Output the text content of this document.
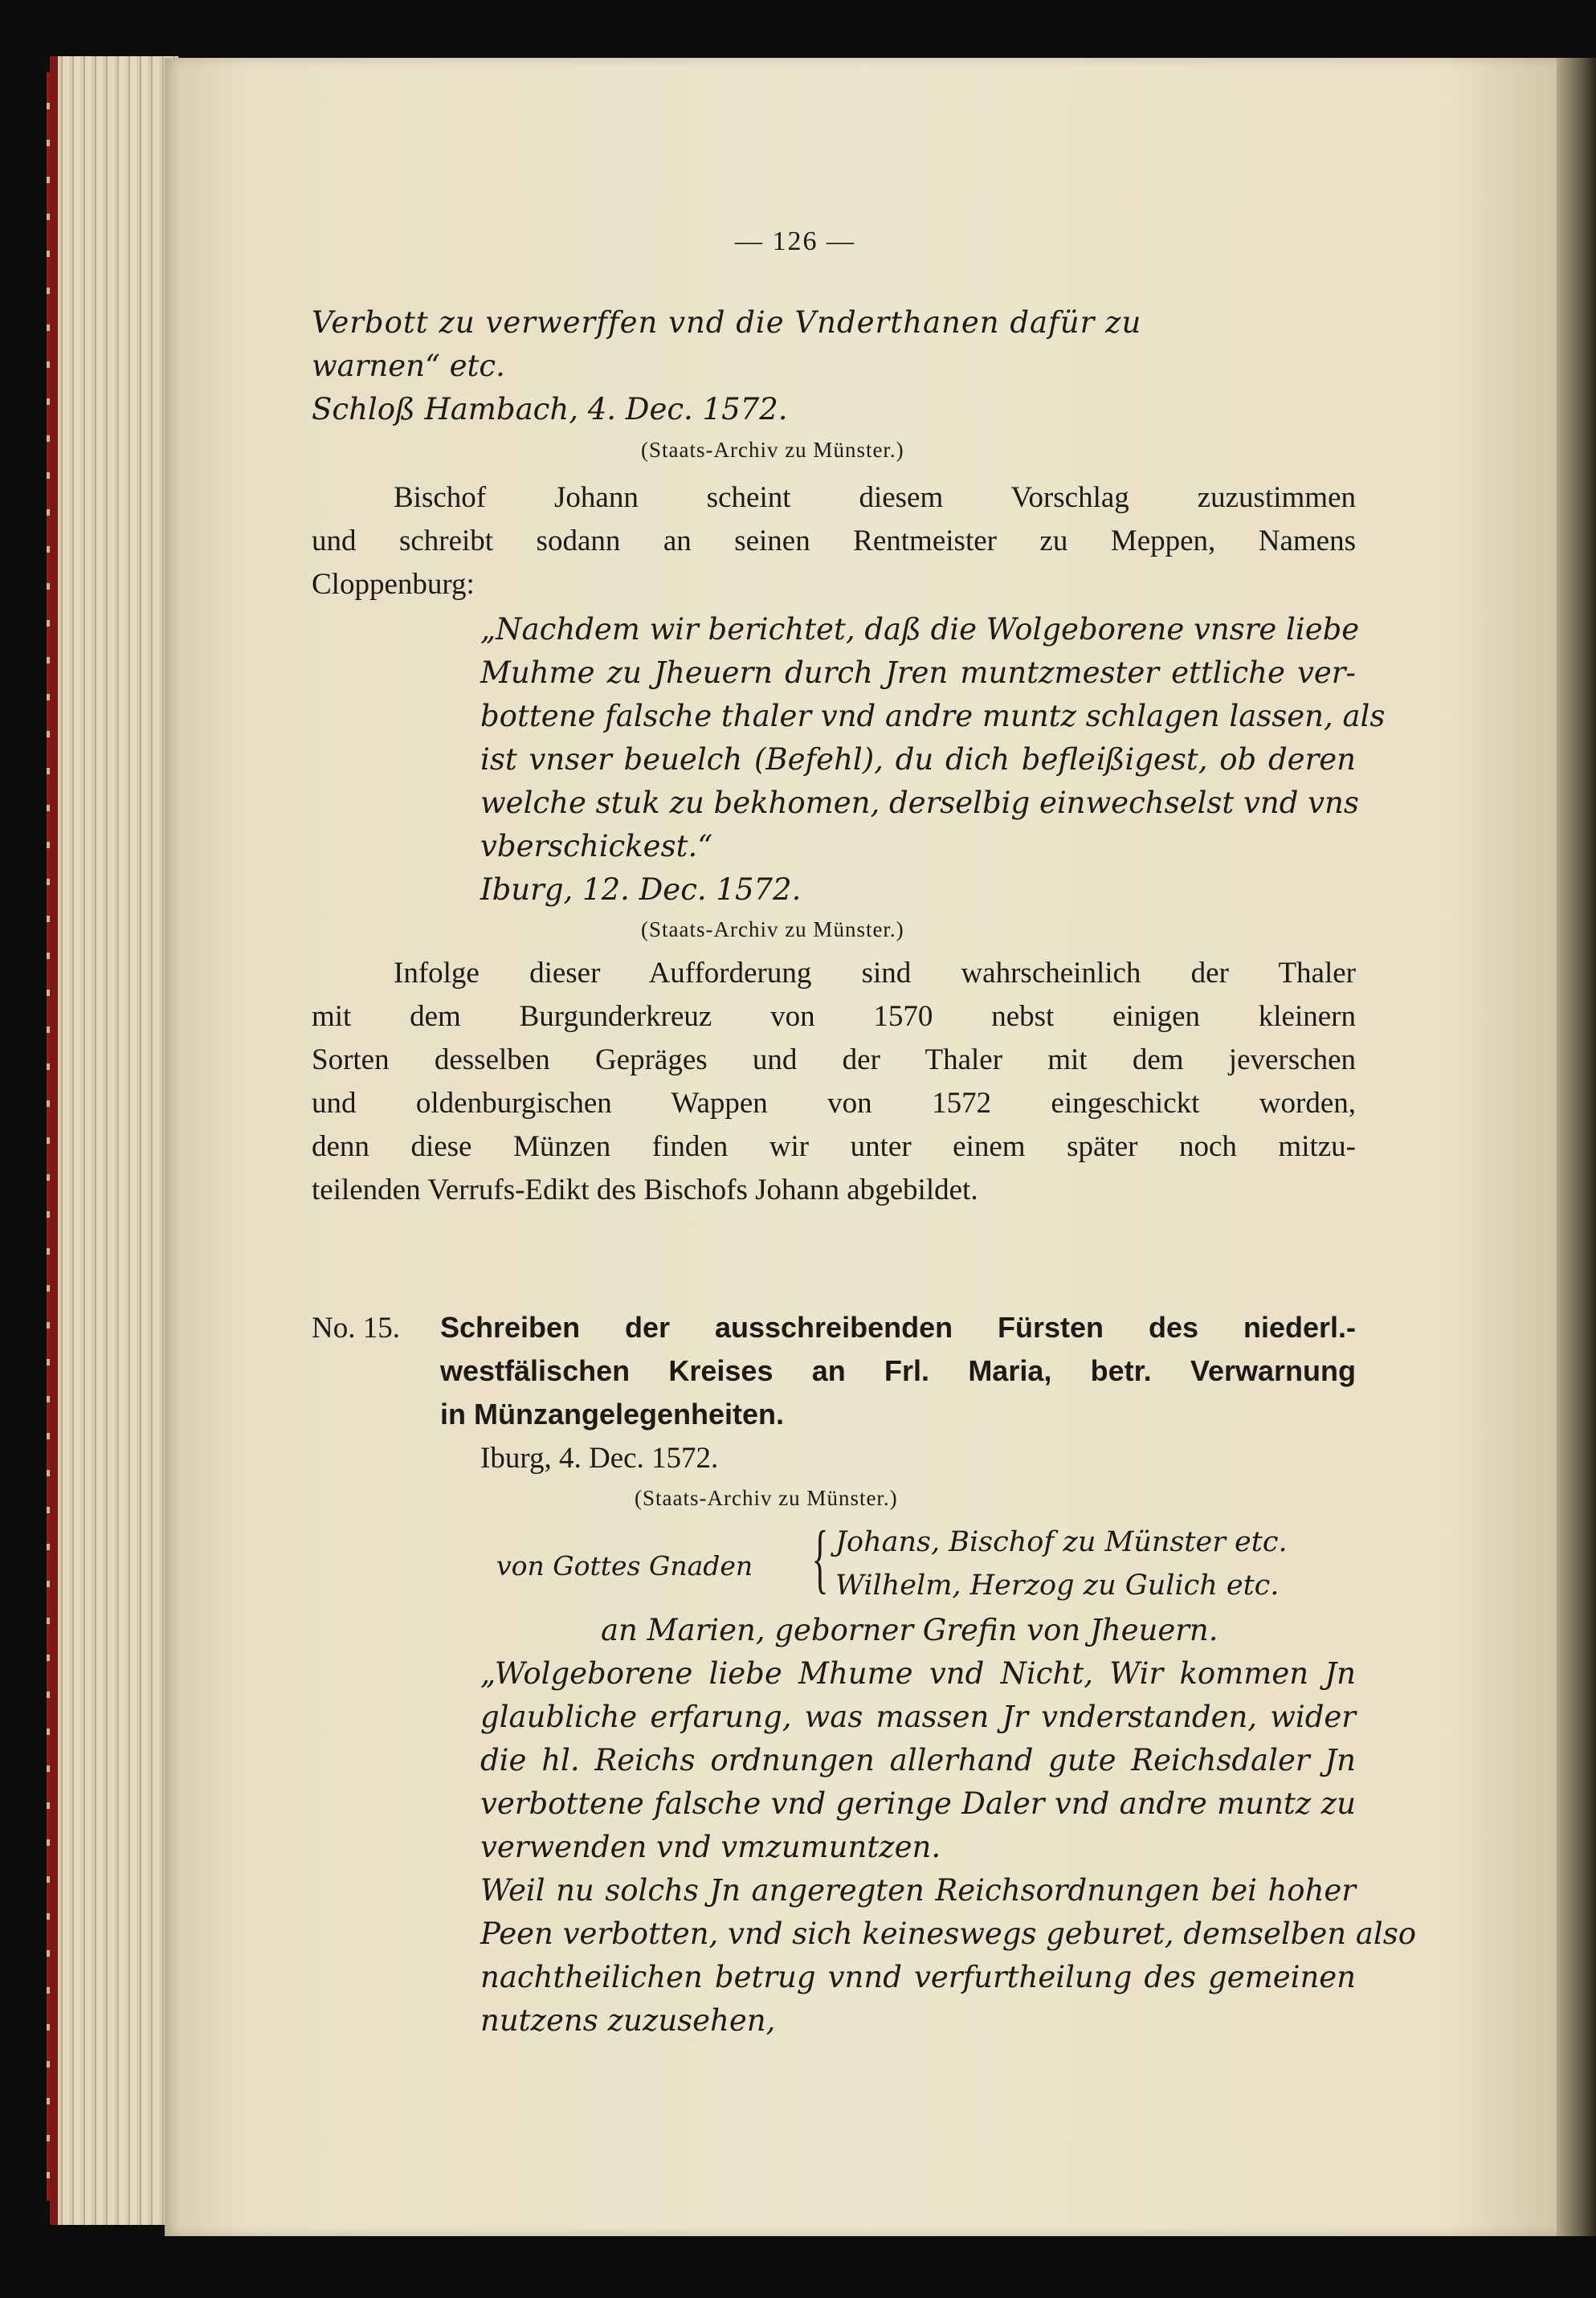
— 126 —
Verbott zu verwerffen vnd die Vnderthanen dafür zu
warnen“ etc.
Schloß Hambach, 4. Dec. 1572.
(Staats-Archiv zu Münster.)
Bischof Johann scheint diesem Vorschlag zuzustimmen
und schreibt sodann an seinen Rentmeister zu Meppen, Namens
Cloppenburg:
„Nachdem wir berichtet, daß die Wolgeborene vnsre liebe
Muhme zu Jheuern durch Jren muntzmester ettliche ver-
bottene falsche thaler vnd andre muntz schlagen lassen, als
ist vnser beuelch (Befehl), du dich beflei̇ßigest, ob deren
welche stuk zu bekhomen, derselbig einwechselst vnd vns
vberschickest.“
Iburg, 12. Dec. 1572.
(Staats-Archiv zu Münster.)
Infolge dieser Aufforderung sind wahrscheinlich der Thaler
mit dem Burgunderkreuz von 1570 nebst einigen kleinern
Sorten desselben Gepräges und der Thaler mit dem jeverschen
und oldenburgischen Wappen von 1572 eingeschickt worden,
denn diese Münzen finden wir unter einem später noch mitzu-
teilenden Verrufs-Edikt des Bischofs Johann abgebildet.
No. 15. Schreiben der ausschreibenden Fürsten des niederl.-
westfälischen Kreises an Frl. Maria, betr. Verwarnung
in Münzangelegenheiten.
Iburg, 4. Dec. 1572.
(Staats-Archiv zu Münster.)
von Gottes Gnaden { Johans, Bischof zu Münster etc.
Wilhelm, Herzog zu Gulich etc.
an Marien, geborner Grefin von Jheuern.
„Wolgeborene liebe Mhume vnd Nicht, Wir kommen Jn
glaubliche erfarung, was massen Jr vnderstanden, wider
die hl. Reichs ordnungen allerhand gute Reichsdaler Jn
verbottene falsche vnd geringe Daler vnd andre muntz zu
verwenden vnd vmzumuntzen.
Weil nu solchs Jn angeregten Reichsordnungen bei hoher
Peen verbotten, vnd sich keineswegs geburet, demselben also
nachtheilichen betrug vnnd verfurtheilung des gemeinen
nutzens zuzusehen,
